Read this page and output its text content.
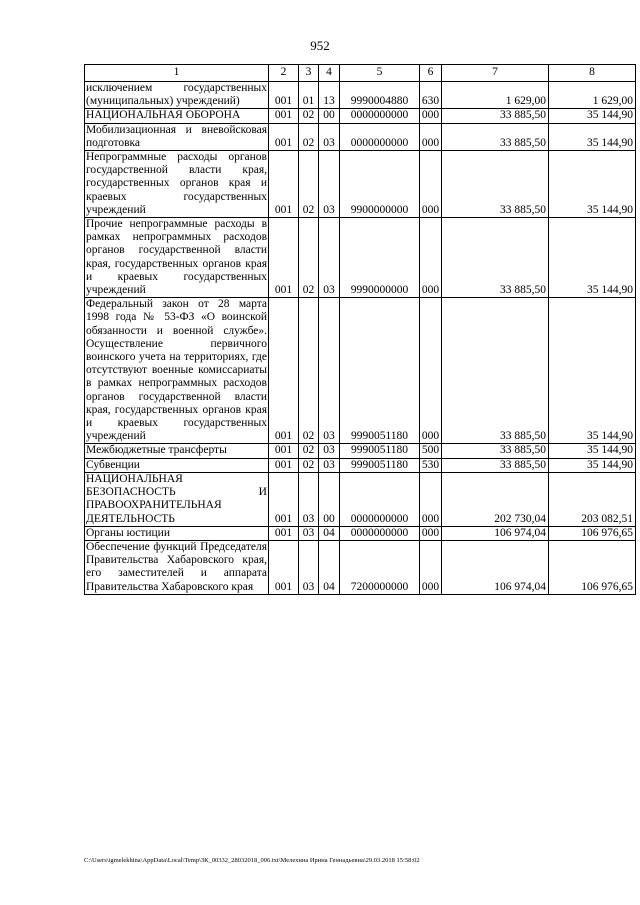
952
1	2	3	4	5	6	7	8
исключением государственных (муниципальных) учреждений)	001	01	13	9990004880	630	1 629,00	1 629,00
НАЦИОНАЛЬНАЯ ОБОРОНА	001	02	00	0000000000	000	33 885,50	35 144,90
Мобилизационная и вневойсковая подготовка	001	02	03	0000000000	000	33 885,50	35 144,90
Непрограммные расходы органов государственной власти края, государственных органов края и краевых государственных учреждений	001	02	03	9900000000	000	33 885,50	35 144,90
Прочие непрограммные расходы в рамках непрограммных расходов органов государственной власти края, государственных органов края и краевых государственных учреждений	001	02	03	9990000000	000	33 885,50	35 144,90
Федеральный закон от 28 марта 1998 года № 53-ФЗ «О воинской обязанности и военной службе». Осуществление первичного воинского учета на территориях, где отсутствуют военные комиссариаты в рамках непрограммных расходов органов государственной власти края, государственных органов края и краевых государственных учреждений	001	02	03	9990051180	000	33 885,50	35 144,90
Межбюджетные трансферты	001	02	03	9990051180	500	33 885,50	35 144,90
Субвенции	001	02	03	9990051180	530	33 885,50	35 144,90
НАЦИОНАЛЬНАЯ БЕЗОПАСНОСТЬ И ПРАВООХРАНИТЕЛЬНАЯ ДЕЯТЕЛЬНОСТЬ	001	03	00	0000000000	000	202 730,04	203 082,51
Органы юстиции	001	03	04	0000000000	000	106 974,04	106 976,65
Обеспечение функций Председателя Правительства Хабаровского края, его заместителей и аппарата Правительства Хабаровского края	001	03	04	7200000000	000	106 974,04	106 976,65
C:\Users\igmelekhina\AppData\Local\Temp\ЗК_00332_28032018_006.txt\Мелехина Ирина Геннадьевна\29.03.2018 15:58:02
